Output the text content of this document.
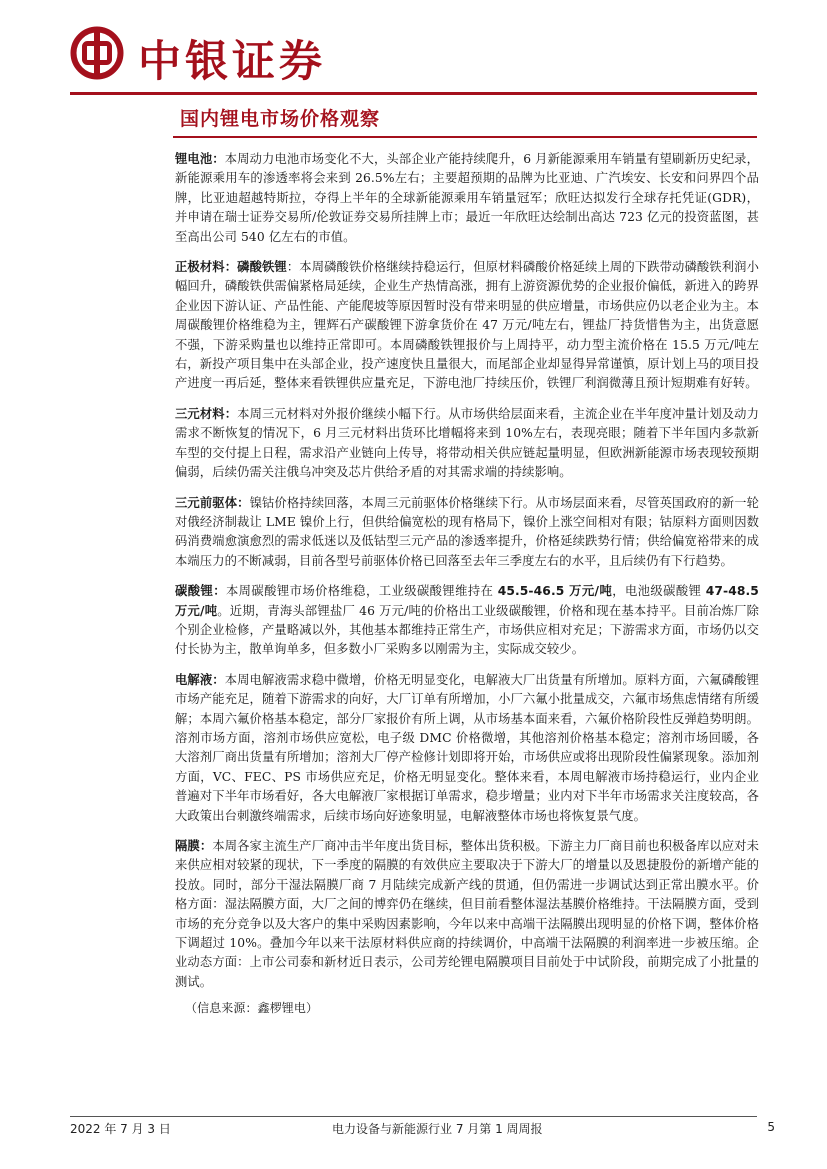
中银证券
国内锂电市场价格观察

锂电池：本周动力电池市场变化不大，头部企业产能持续爬升，6 月新能源乘用车销量有望刷新历史纪录，新能源乘用车的渗透率将会来到 26.5%左右；主要超预期的品牌为比亚迪、广汽埃安、长安和问界四个品牌，比亚迪超越特斯拉，夺得上半年的全球新能源乘用车销量冠军；欣旺达拟发行全球存托凭证(GDR)，并申请在瑞士证券交易所/伦敦证券交易所挂牌上市；最近一年欣旺达绘制出高达 723 亿元的投资蓝图，甚至高出公司 540 亿左右的市值。

正极材料：磷酸铁锂：本周磷酸铁价格继续持稳运行，但原材料磷酸价格延续上周的下跌带动磷酸铁利润小幅回升，磷酸铁供需偏紧格局延续，企业生产热情高涨，拥有上游资源优势的企业报价偏低，新进入的跨界企业因下游认证、产品性能、产能爬坡等原因暂时没有带来明显的供应增量，市场供应仍以老企业为主。本周碳酸锂价格维稳为主，锂辉石产碳酸锂下游拿货价在 47 万元/吨左右，锂盐厂持货惜售为主，出货意愿不强，下游采购量也以维持正常即可。本周磷酸铁锂报价与上周持平，动力型主流价格在 15.5 万元/吨左右，新投产项目集中在头部企业，投产速度快且量很大，而尾部企业却显得异常谨慎，原计划上马的项目投产进度一再后延，整体来看铁锂供应量充足，下游电池厂持续压价，铁锂厂利润微薄且预计短期难有好转。

三元材料：本周三元材料对外报价继续小幅下行。从市场供给层面来看，主流企业在半年度冲量计划及动力需求不断恢复的情况下，6 月三元材料出货环比增幅将来到 10%左右，表现亮眼；随着下半年国内多款新车型的交付提上日程，需求沿产业链向上传导，将带动相关供应链起量明显，但欧洲新能源市场表现较预期偏弱，后续仍需关注俄乌冲突及芯片供给矛盾的对其需求端的持续影响。

三元前驱体：镍钴价格持续回落，本周三元前驱体价格继续下行。从市场层面来看，尽管英国政府的新一轮对俄经济制裁让 LME 镍价上行，但供给偏宽松的现有格局下，镍价上涨空间相对有限；钴原料方面则因数码消费端愈演愈烈的需求低迷以及低钴型三元产品的渗透率提升，价格延续跌势行情；供给偏宽裕带来的成本端压力的不断减弱，目前各型号前驱体价格已回落至去年三季度左右的水平，且后续仍有下行趋势。

碳酸锂：本周碳酸锂市场价格维稳，工业级碳酸锂维持在 45.5-46.5 万元/吨，电池级碳酸锂 47-48.5 万元/吨。近期，青海头部锂盐厂 46 万元/吨的价格出工业级碳酸锂，价格和现在基本持平。目前冶炼厂除个别企业检修，产量略减以外，其他基本都维持正常生产，市场供应相对充足；下游需求方面，市场仍以交付长协为主，散单询单多，但多数小厂采购多以刚需为主，实际成交较少。

电解液：本周电解液需求稳中微增，价格无明显变化，电解液大厂出货量有所增加。原料方面，六氟磷酸锂市场产能充足，随着下游需求的向好，大厂订单有所增加，小厂六氟小批量成交，六氟市场焦虑情绪有所缓解；本周六氟价格基本稳定，部分厂家报价有所上调，从市场基本面来看，六氟价格阶段性反弹趋势明朗。溶剂市场方面，溶剂市场供应宽松，电子级 DMC 价格微增，其他溶剂价格基本稳定；溶剂市场回暖，各大溶剂厂商出货量有所增加；溶剂大厂停产检修计划即将开始，市场供应或将出现阶段性偏紧现象。添加剂方面，VC、FEC、PS 市场供应充足，价格无明显变化。整体来看，本周电解液市场持稳运行，业内企业普遍对下半年市场看好，各大电解液厂家根据订单需求，稳步增量；业内对下半年市场需求关注度较高，各大政策出台刺激终端需求，后续市场向好迹象明显，电解液整体市场也将恢复景气度。

隔膜：本周各家主流生产厂商冲击半年度出货目标，整体出货积极。下游主力厂商目前也积极备库以应对未来供应相对较紧的现状，下一季度的隔膜的有效供应主要取决于下游大厂的增量以及恩捷股份的新增产能的投放。同时，部分干湿法隔膜厂商 7 月陆续完成新产线的贯通，但仍需进一步调试达到正常出膜水平。价格方面：湿法隔膜方面，大厂之间的博弈仍在继续，但目前看整体湿法基膜价格维持。干法隔膜方面，受到市场的充分竞争以及大客户的集中采购因素影响，今年以来中高端干法隔膜出现明显的价格下调，整体价格下调超过 10%。叠加今年以来干法原材料供应商的持续调价，中高端干法隔膜的利润率进一步被压缩。企业动态方面：上市公司泰和新材近日表示，公司芳纶锂电隔膜项目目前处于中试阶段，前期完成了小批量的测试。

（信息来源：鑫椤锂电）

2022 年 7 月 3 日	电力设备与新能源行业 7 月第 1 周周报	5
